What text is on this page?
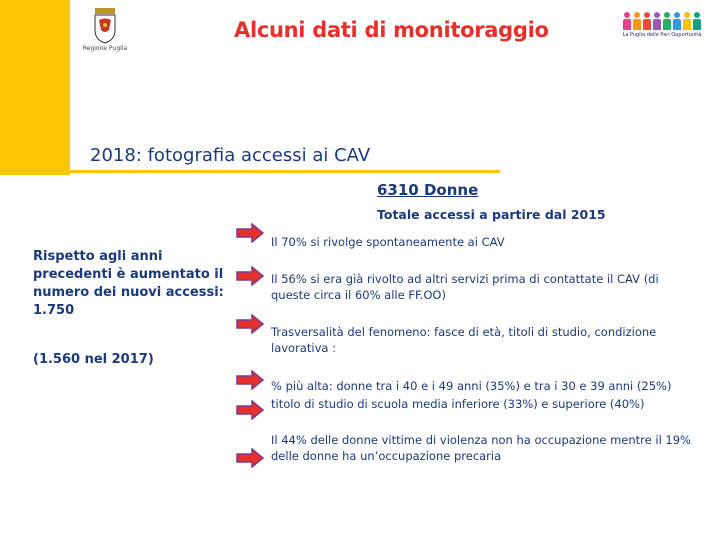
Regione Puglia
Alcuni dati di monitoraggio	La Puglia delle Pari Opportunità
2018: fotografia accessi ai CAV
6310 Donne
Totale accessi a partire dal 2015
Rispetto agli anni precedenti è aumentato il numero dei nuovi accessi: 1.750
(1.560 nel 2017)
Il 70% si rivolge spontaneamente ai CAV
Il 56% si era già rivolto ad altri servizi prima di contattate il CAV (di queste circa il 60% alle FF.OO)
Trasversalità del fenomeno: fasce di età, titoli di studio, condizione lavorativa :
% più alta: donne tra i 40 e i 49 anni (35%) e tra i 30 e 39 anni (25%)
titolo di studio di scuola media inferiore (33%) e superiore (40%)
Il 44% delle donne vittime di violenza non ha occupazione mentre il 19% delle donne ha un’occupazione precaria
